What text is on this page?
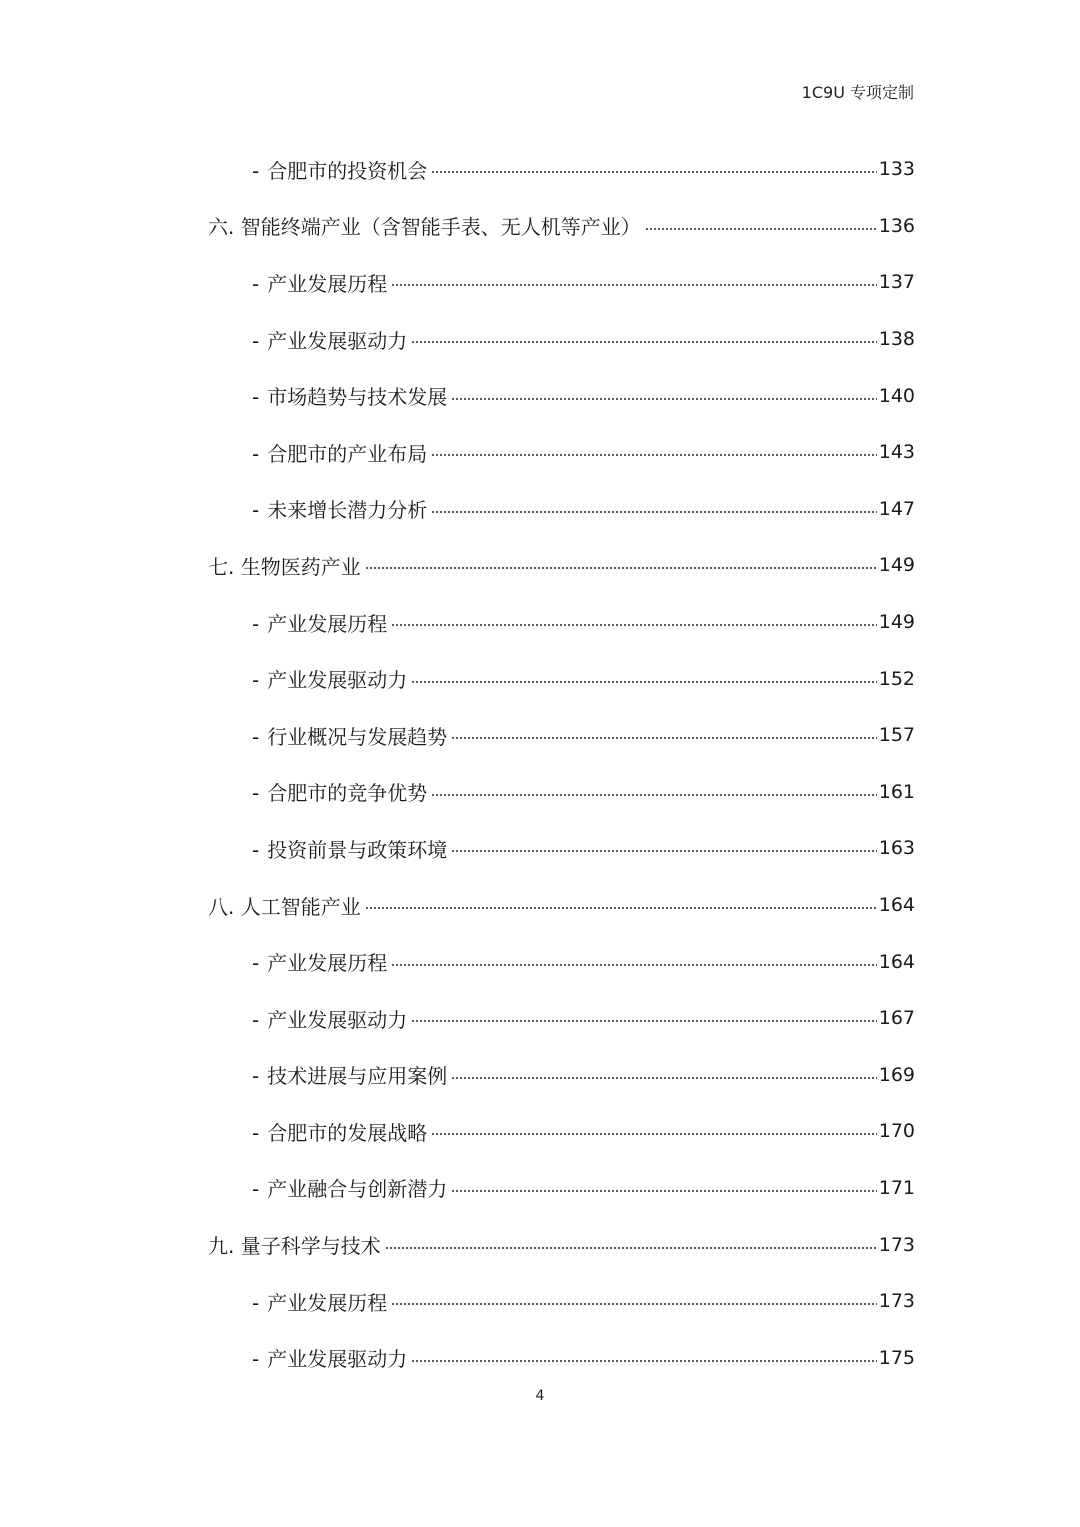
1C9U 专项定制
- 合肥市的投资机会	133
六. 智能终端产业（含智能手表、无人机等产业）	136
- 产业发展历程	137
- 产业发展驱动力	138
- 市场趋势与技术发展	140
- 合肥市的产业布局	143
- 未来增长潜力分析	147
七. 生物医药产业	149
- 产业发展历程	149
- 产业发展驱动力	152
- 行业概况与发展趋势	157
- 合肥市的竞争优势	161
- 投资前景与政策环境	163
八. 人工智能产业	164
- 产业发展历程	164
- 产业发展驱动力	167
- 技术进展与应用案例	169
- 合肥市的发展战略	170
- 产业融合与创新潜力	171
九. 量子科学与技术	173
- 产业发展历程	173
- 产业发展驱动力	175
4
